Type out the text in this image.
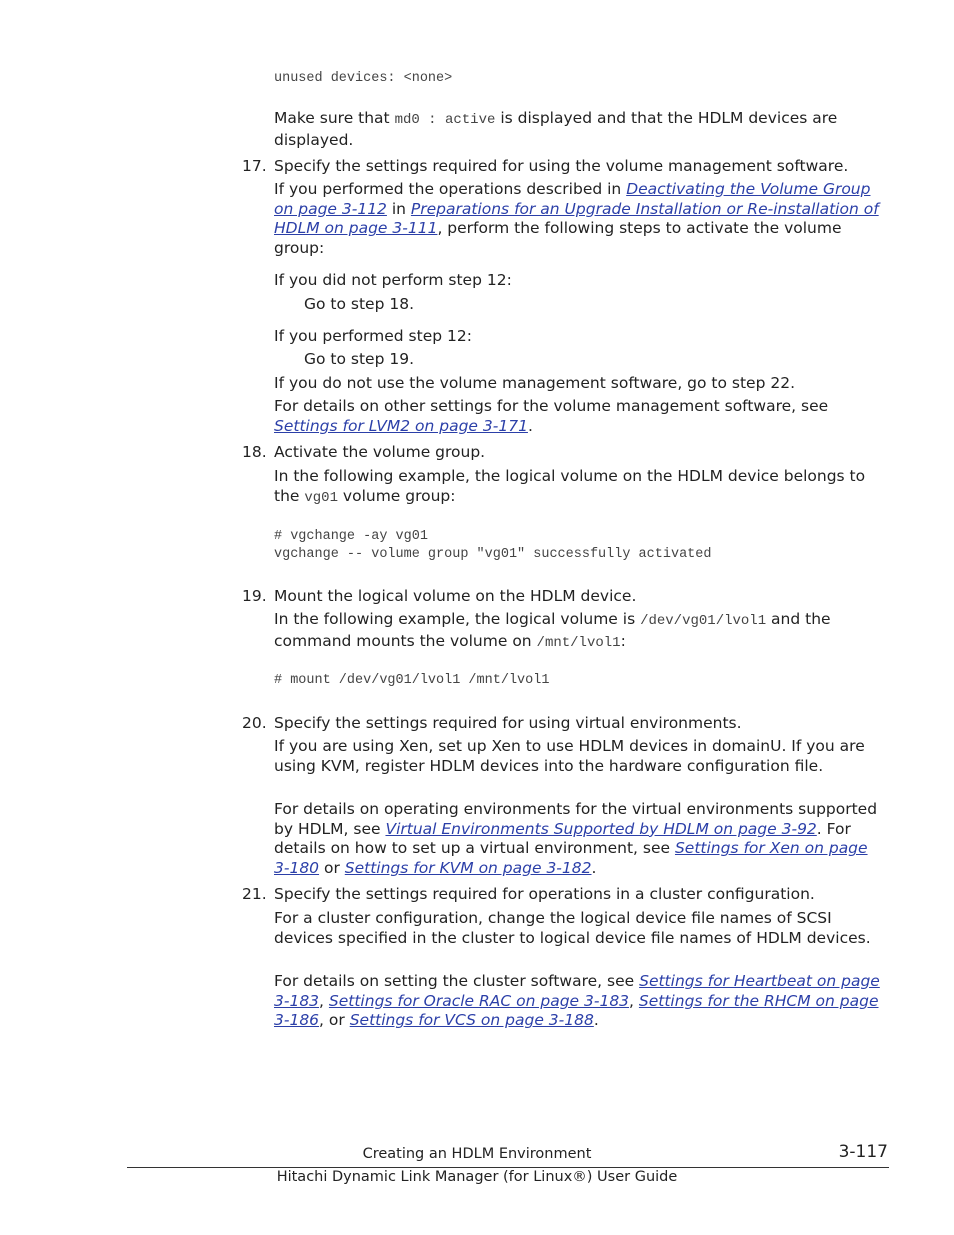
unused devices: <none>

Make sure that md0 : active is displayed and that the HDLM devices are displayed.

17. Specify the settings required for using the volume management software.

If you performed the operations described in Deactivating the Volume Group on page 3-112 in Preparations for an Upgrade Installation or Re-installation of HDLM on page 3-111, perform the following steps to activate the volume group:

If you did not perform step 12:

Go to step 18.

If you performed step 12:

Go to step 19.

If you do not use the volume management software, go to step 22.

For details on other settings for the volume management software, see Settings for LVM2 on page 3-171.

18. Activate the volume group.

In the following example, the logical volume on the HDLM device belongs to the vg01 volume group:

# vgchange -ay vg01
vgchange -- volume group "vg01" successfully activated
19. Mount the logical volume on the HDLM device.

In the following example, the logical volume is /dev/vg01/lvol1 and the command mounts the volume on /mnt/lvol1:

# mount /dev/vg01/lvol1 /mnt/lvol1
20. Specify the settings required for using virtual environments.

If you are using Xen, set up Xen to use HDLM devices in domainU. If you are using KVM, register HDLM devices into the hardware configuration file.

For details on operating environments for the virtual environments supported by HDLM, see Virtual Environments Supported by HDLM on page 3-92. For details on how to set up a virtual environment, see Settings for Xen on page 3-180 or Settings for KVM on page 3-182.

21. Specify the settings required for operations in a cluster configuration.

For a cluster configuration, change the logical device file names of SCSI devices specified in the cluster to logical device file names of HDLM devices.

For details on setting the cluster software, see Settings for Heartbeat on page 3-183, Settings for Oracle RAC on page 3-183, Settings for the RHCM on page 3-186, or Settings for VCS on page 3-188.

Creating an HDLM Environment	3-117
Hitachi Dynamic Link Manager (for Linux®) User Guide
